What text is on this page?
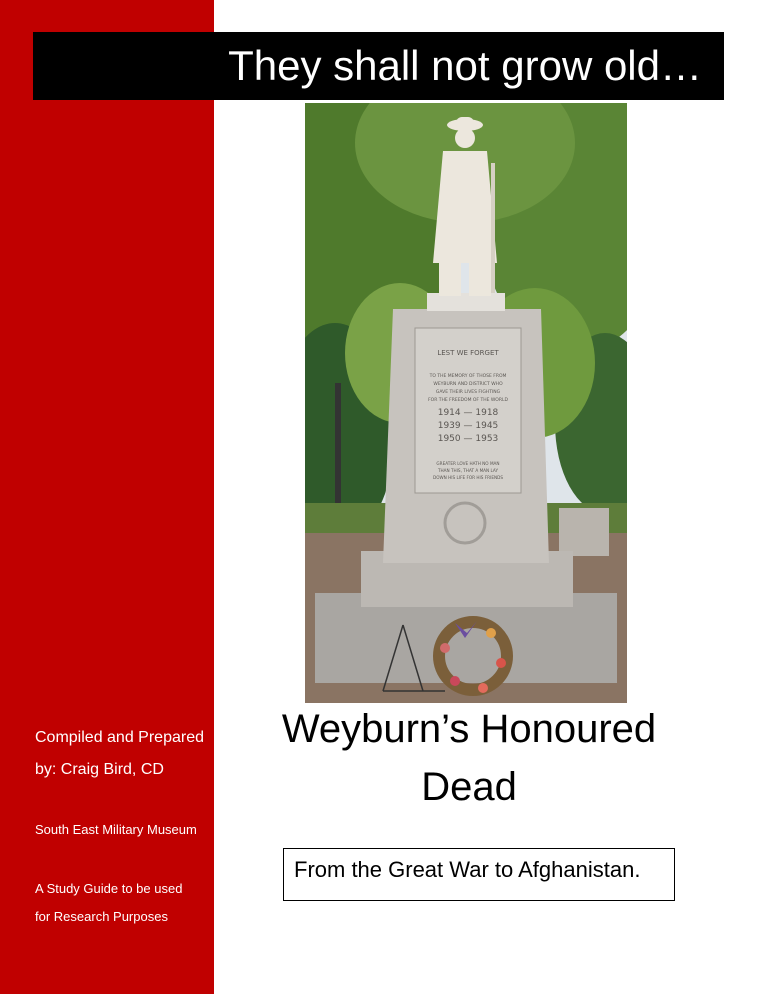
They shall not grow old…
LEST WE FORGET
TO THE MEMORY OF THOSE FROM
WEYBURN AND DISTRICT WHO
GAVE THEIR LIVES FIGHTING
FOR THE FREEDOM OF THE WORLD
1914 — 1918
1939 — 1945
1950 — 1953
GREATER LOVE HATH NO MAN
THAN THIS, THAT A MAN LAY
DOWN HIS LIFE FOR HIS FRIENDS
Weyburn’s Honoured
Dead
From the Great War to Afghanistan.
Compiled and Prepared
by: Craig Bird, CD
South East Military Museum
A Study Guide to be used
for Research Purposes
